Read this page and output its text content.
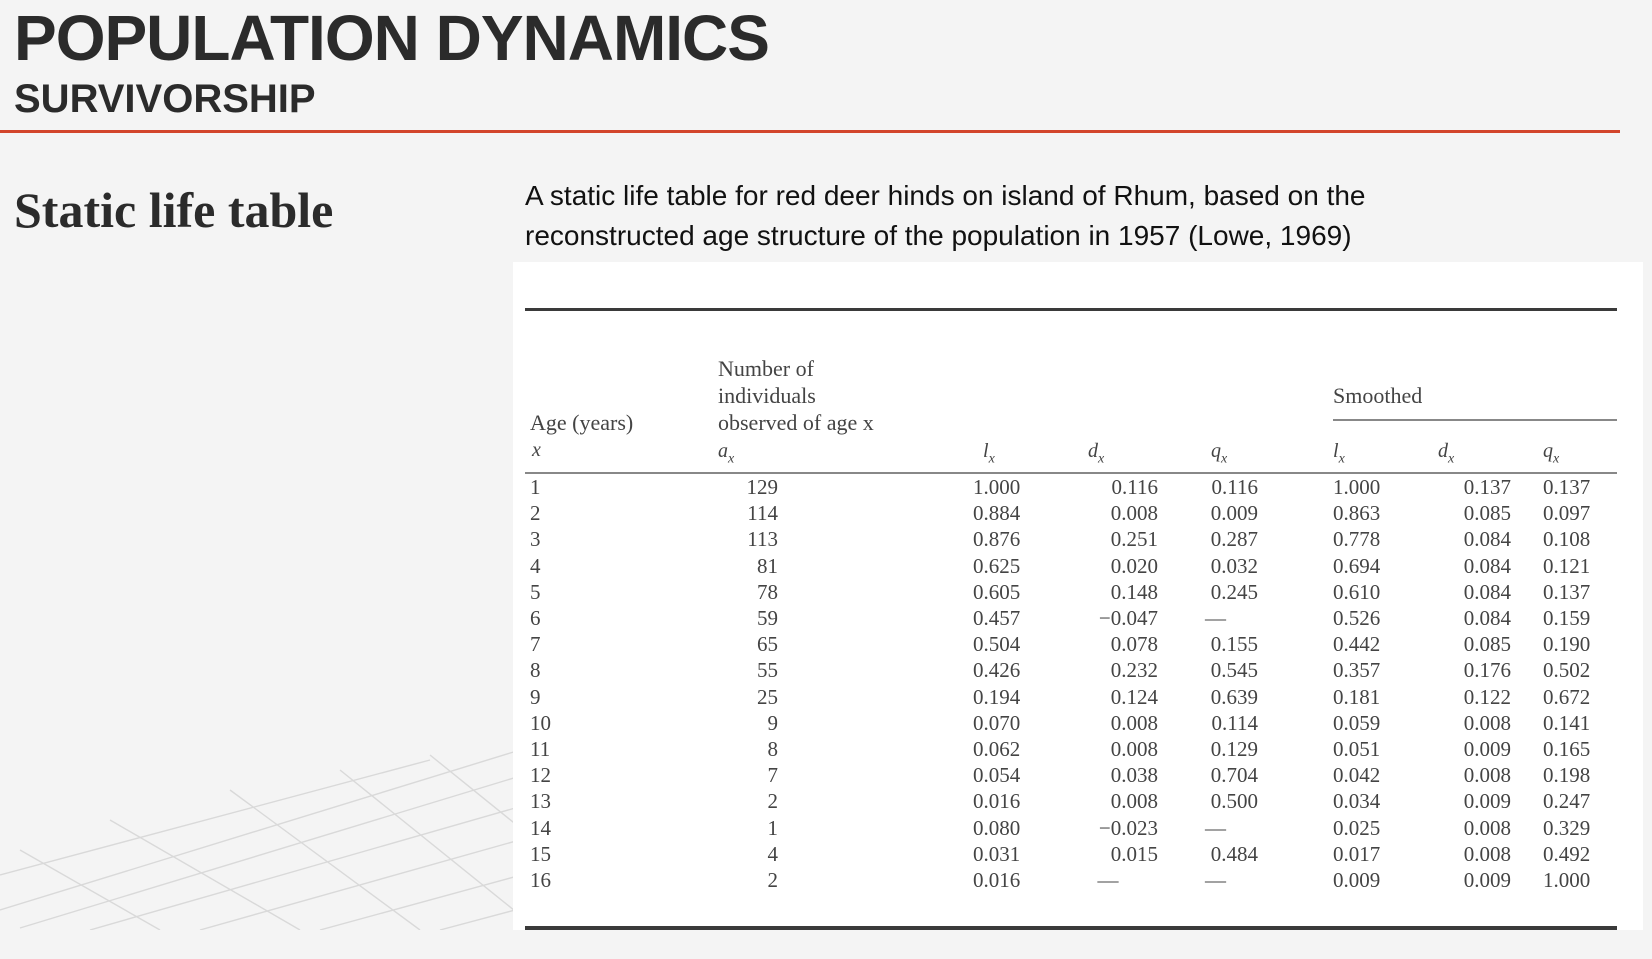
POPULATION DYNAMICS
SURVIVORSHIP
Static life table	A static life table for red deer hinds on island of Rhum, based on the
reconstructed age structure of the population in 1957 (Lowe, 1969)
Age (years)
x
Number of
individuals
observed of age x
$a_x$	$l_x$	$d_x$	$q_x$
Smoothed
$l_x$	$d_x$	$q_x$
1	129	1.000	0.116	0.116	1.000	0.137 0.137
2	114	0.884	0.008	0.009	0.863	0.085 0.097
3	113	0.876	0.251	0.287	0.778	0.084 0.108
4	81	0.625	0.020	0.032	0.694	0.084 0.121
5	78	0.605	0.148	0.245	0.610	0.084 0.137
6	59	0.457	−0.047	—	0.526	0.084 0.159
7	65	0.504	0.078	0.155	0.442	0.085 0.190
8	55	0.426	0.232	0.545	0.357	0.176 0.502
9	25	0.194	0.124	0.639	0.181	0.122 0.672
10	9	0.070	0.008	0.114	0.059	0.008 0.141
11	8	0.062	0.008	0.129	0.051	0.009 0.165
12	7	0.054	0.038	0.704	0.042	0.008 0.198
13	2	0.016	0.008	0.500	0.034	0.009 0.247
14	1	0.080	−0.023	—	0.025	0.008 0.329
15	4	0.031	0.015	0.484	0.017	0.008 0.492
16	2	0.016	—	—	0.009	0.009 1.000
